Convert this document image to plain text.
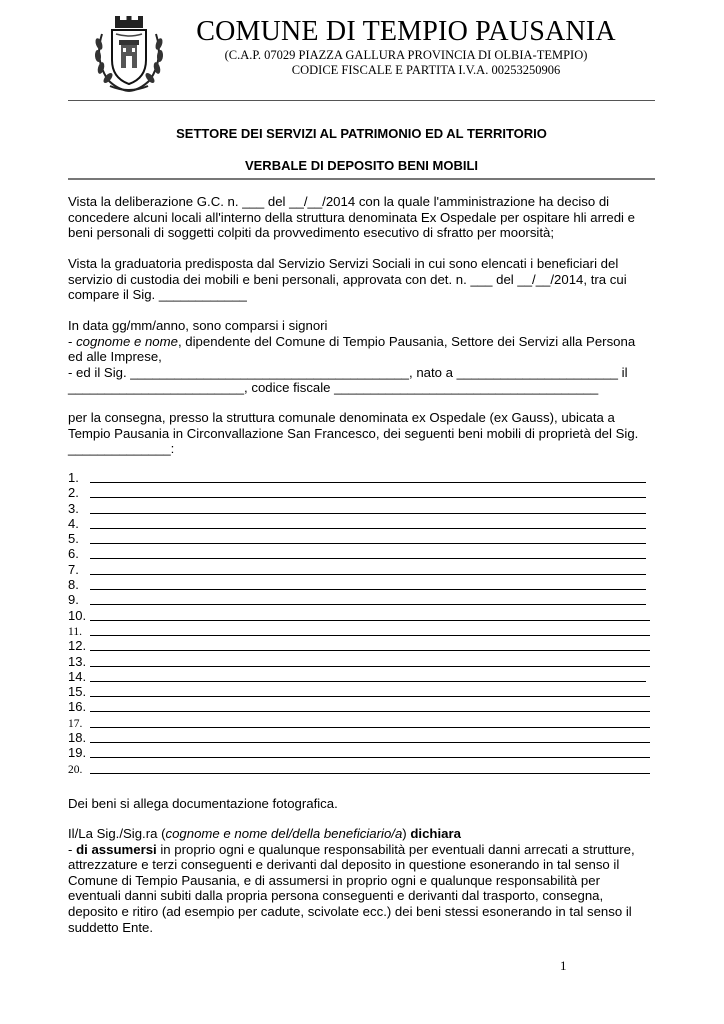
COMUNE DI TEMPIO PAUSANIA
(C.A.P. 07029 PIAZZA GALLURA PROVINCIA DI OLBIA-TEMPIO)
CODICE FISCALE E PARTITA I.V.A. 00253250906
SETTORE DEI SERVIZI AL PATRIMONIO ED AL TERRITORIO
VERBALE DI DEPOSITO BENI MOBILI
Vista la deliberazione G.C. n. ___ del __/__/2014 con la quale l'amministrazione ha deciso di
concedere alcuni locali all'interno della struttura denominata Ex Ospedale per ospitare hli arredi e
beni personali di soggetti colpiti da provvedimento esecutivo di sfratto per moorsità;
Vista la graduatoria predisposta dal Servizio Servizi Sociali in cui sono elencati i beneficiari del
servizio di custodia dei mobili e beni personali, approvata con det. n. ___ del __/__/2014, tra cui
compare il Sig. ____________
In data gg/mm/anno, sono comparsi i signori
- cognome e nome, dipendente del Comune di Tempio Pausania, Settore dei Servizi alla Persona
ed alle Imprese,
- ed il Sig. ______________________________________, nato a ______________________ il
________________________, codice fiscale ____________________________________
per la consegna, presso la struttura comunale denominata ex Ospedale (ex Gauss), ubicata a
Tempio Pausania in Circonvallazione San Francesco, dei seguenti beni mobili di proprietà del Sig.
______________:
1.
2.
3.
4.
5.
6.
7.
8.
9.
10.
11.
12.
13.
14.
15.
16.
17.
18.
19.
20.
Dei beni si allega documentazione fotografica.
Il/La Sig./Sig.ra (cognome e nome del/della beneficiario/a) dichiara
- di assumersi in proprio ogni e qualunque responsabilità per eventuali danni arrecati a strutture,
attrezzature e terzi conseguenti e derivanti dal deposito in questione esonerando in tal senso il
Comune di Tempio Pausania, e di assumersi in proprio ogni e qualunque responsabilità per
eventuali danni subiti dalla propria persona conseguenti e derivanti dal trasporto, consegna,
deposito e ritiro (ad esempio per cadute, scivolate ecc.) dei beni stessi esonerando in tal senso il
suddetto Ente.
1
